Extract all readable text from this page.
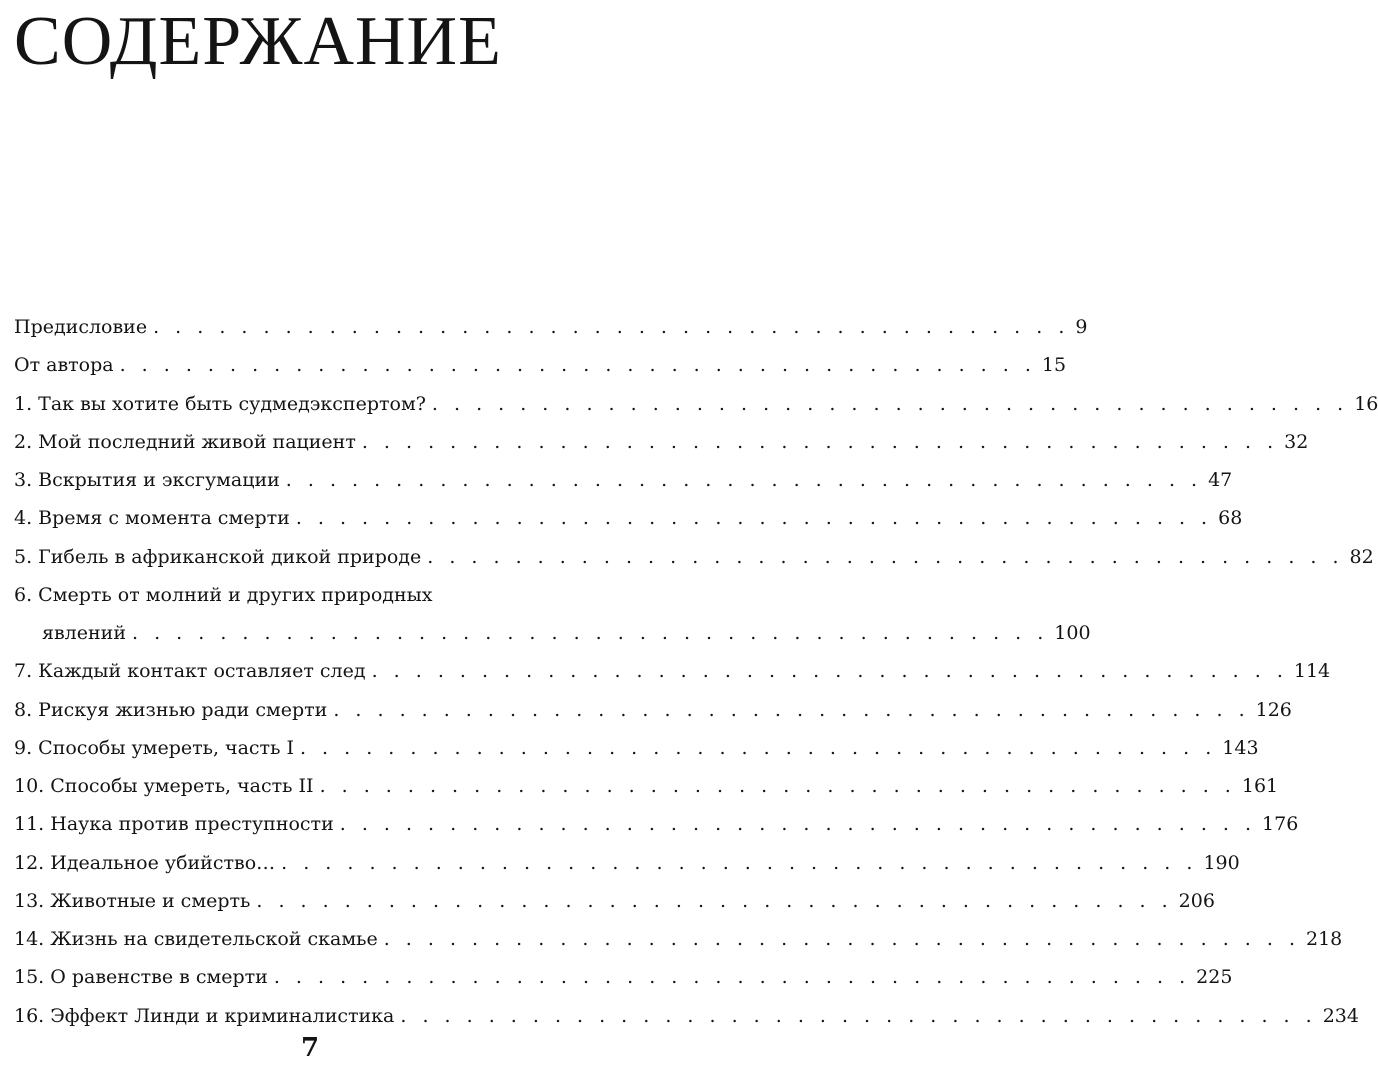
СОДЕРЖАНИЕ
Предисловие . . . . . . . . . . . . . . . . . . . . . . . . . . . . . . . . . . . . . . . . . . 9
От автора . . . . . . . . . . . . . . . . . . . . . . . . . . . . . . . . . . . . . . . . . . 15
1. Так вы хотите быть судмедэкспертом? . . . . . . . . . . . . . . . . . . . . . . . . . . . . . . . . . . . . . . . . . . 16
2. Мой последний живой пациент . . . . . . . . . . . . . . . . . . . . . . . . . . . . . . . . . . . . . . . . . . 32
3. Вскрытия и эксгумации . . . . . . . . . . . . . . . . . . . . . . . . . . . . . . . . . . . . . . . . . . 47
4. Время с момента смерти . . . . . . . . . . . . . . . . . . . . . . . . . . . . . . . . . . . . . . . . . . 68
5. Гибель в африканской дикой природе . . . . . . . . . . . . . . . . . . . . . . . . . . . . . . . . . . . . . . . . . . 82
6. Смерть от молний и других природных
явлений . . . . . . . . . . . . . . . . . . . . . . . . . . . . . . . . . . . . . . . . . . 100
7. Каждый контакт оставляет след . . . . . . . . . . . . . . . . . . . . . . . . . . . . . . . . . . . . . . . . . . 114
8. Рискуя жизнью ради смерти . . . . . . . . . . . . . . . . . . . . . . . . . . . . . . . . . . . . . . . . . . 126
9. Способы умереть, часть I . . . . . . . . . . . . . . . . . . . . . . . . . . . . . . . . . . . . . . . . . . 143
10. Способы умереть, часть II . . . . . . . . . . . . . . . . . . . . . . . . . . . . . . . . . . . . . . . . . . 161
11. Наука против преступности . . . . . . . . . . . . . . . . . . . . . . . . . . . . . . . . . . . . . . . . . . 176
12. Идеальное убийство… . . . . . . . . . . . . . . . . . . . . . . . . . . . . . . . . . . . . . . . . . . 190
13. Животные и смерть . . . . . . . . . . . . . . . . . . . . . . . . . . . . . . . . . . . . . . . . . . 206
14. Жизнь на свидетельской скамье . . . . . . . . . . . . . . . . . . . . . . . . . . . . . . . . . . . . . . . . . . 218
15. О равенстве в смерти . . . . . . . . . . . . . . . . . . . . . . . . . . . . . . . . . . . . . . . . . . 225
16. Эффект Линди и криминалистика . . . . . . . . . . . . . . . . . . . . . . . . . . . . . . . . . . . . . . . . . . 234
7
